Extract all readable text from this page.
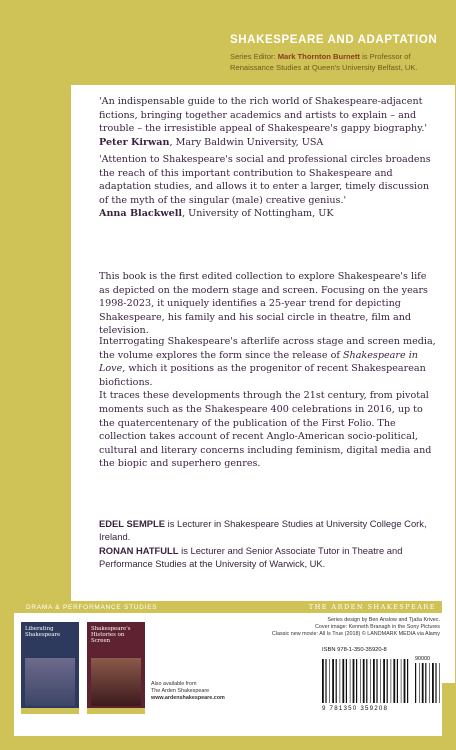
SHAKESPEARE AND ADAPTATION
Series Editor: Mark Thornton Burnett is Professor of Renaissance Studies at Queen's University Belfast, UK.
'An indispensable guide to the rich world of Shakespeare-adjacent fictions, bringing together academics and artists to explain – and trouble – the irresistible appeal of Shakespeare's gappy biography.'
Peter Kirwan, Mary Baldwin University, USA
'Attention to Shakespeare's social and professional circles broadens the reach of this important contribution to Shakespeare and adaptation studies, and allows it to enter a larger, timely discussion of the myth of the singular (male) creative genius.'
Anna Blackwell, University of Nottingham, UK
This book is the first edited collection to explore Shakespeare's life as depicted on the modern stage and screen. Focusing on the years 1998-2023, it uniquely identifies a 25-year trend for depicting Shakespeare, his family and his social circle in theatre, film and television.
Interrogating Shakespeare's afterlife across stage and screen media, the volume explores the form since the release of Shakespeare in Love, which it positions as the progenitor of recent Shakespearean biofictions.
It traces these developments through the 21st century, from pivotal moments such as the Shakespeare 400 celebrations in 2016, up to the quatercentenary of the publication of the First Folio. The collection takes account of recent Anglo-American socio-political, cultural and literary concerns including feminism, digital media and the biopic and superhero genres.
EDEL SEMPLE is Lecturer in Shakespeare Studies at University College Cork, Ireland.
RONAN HATFULL is Lecturer and Senior Associate Tutor in Theatre and Performance Studies at the University of Warwick, UK.
DRAMA & PERFORMANCE STUDIES	THE ARDEN SHAKESPEARE
Liberating Shakespeare
Shakespeare's Histories on Screen
Also available from
The Arden Shakespeare
www.ardenshakespeare.com
Series design by Ben Anslow and Tjaša Krivec.
Cover image: Kenneth Branagh in the Sony Pictures
Classic new movie: All Is True (2018) © LANDMARK MEDIA via Alamy
ISBN 978-1-350-35920-8
90000
9 781350 359208
